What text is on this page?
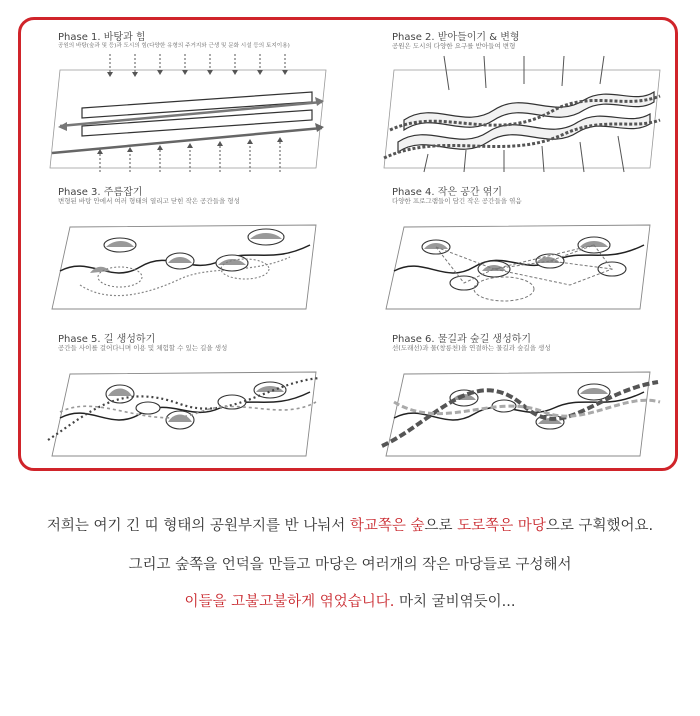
Phase 1. 바탕과 힘
공원의 바탕(숲과 및 등)과 도시의 힘(다양한 유형의 주거지와 근생 및 문화 시설 등의 토지이용)
Phase 2. 받아들이기 & 변형
공원은 도시의 다양한 요구를 받아들여 변형
Phase 3. 주름잡기
변형된 바탕 안에서 여러 형태의 열리고 닫힌 작은 공간들을 형성
Phase 4. 작은 공간 엮기
다양한 프로그램들이 담긴 작은 공간들을 엮음
Phase 5. 길 생성하기
공간들 사이를 걸어다니며 이용 및 체험할 수 있는 길을 생성
Phase 6. 물길과 숲길 생성하기
선(도래선)과 물(창릉천)을 연결하는 물길과 숲길을 생성
저희는 여기 긴 띠 형태의 공원부지를 반 나눠서 학교쪽은 숲으로 도로쪽은 마당으로 구획했어요.
그리고 숲쪽을 언덕을 만들고 마당은 여러개의 작은 마당들로 구성해서
이들을 고불고불하게 엮었습니다. 마치 굴비엮듯이...
